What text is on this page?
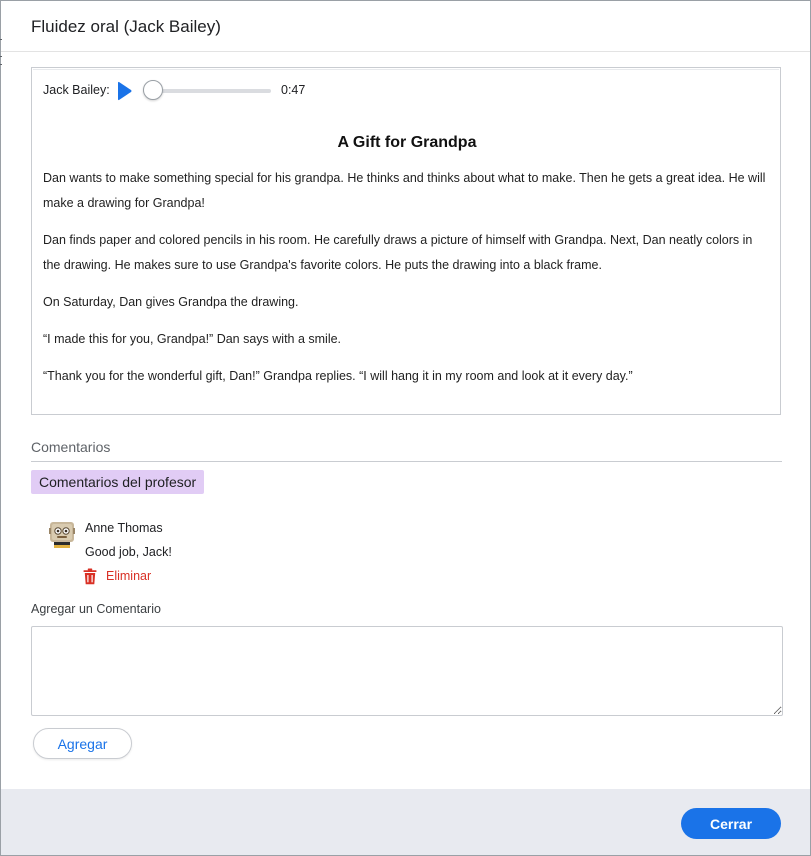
Fluidez oral (Jack Bailey)
Jack Bailey:	0:47
A Gift for Grandpa

Dan wants to make something special for his grandpa. He thinks and thinks about what to make. Then he gets a great idea. He will make a drawing for Grandpa!

Dan finds paper and colored pencils in his room. He carefully draws a picture of himself with Grandpa. Next, Dan neatly colors in the drawing. He makes sure to use Grandpa's favorite colors. He puts the drawing into a black frame.

On Saturday, Dan gives Grandpa the drawing.

“I made this for you, Grandpa!” Dan says with a smile.

“Thank you for the wonderful gift, Dan!” Grandpa replies. “I will hang it in my room and look at it every day.”

Comentarios
Comentarios del profesor
Anne Thomas
Good job, Jack!
Eliminar
Agregar un Comentario
Agregar
Cerrar
